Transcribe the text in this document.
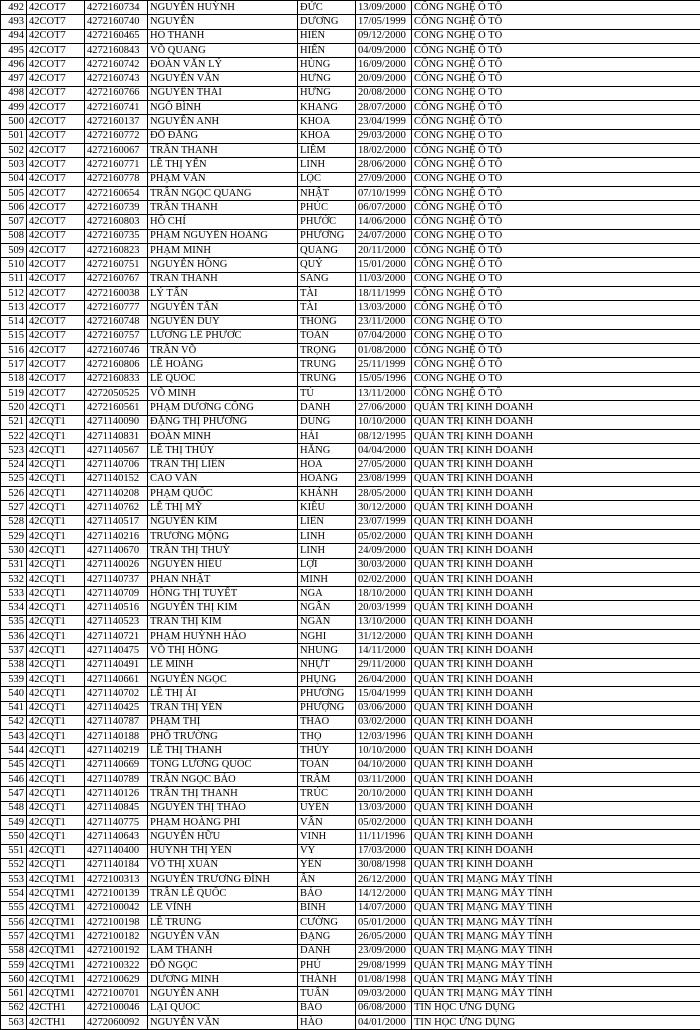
492	42COT7	4272160734	NGUYỄN HUỲNH	ĐỨC	13/09/2000	CÔNG NGHỆ Ô TÔ
493	42COT7	4272160740	NGUYỄN	DƯƠNG	17/05/1999	CÔNG NGHỆ Ô TÔ
494	42COT7	4272160465	HỒ THANH	HIỀN	09/12/2000	CÔNG NGHỆ Ô TÔ
495	42COT7	4272160843	VÕ QUANG	HIỂN	04/09/2000	CÔNG NGHỆ Ô TÔ
496	42COT7	4272160742	ĐOÀN VĂN LÝ	HÙNG	16/09/2000	CÔNG NGHỆ Ô TÔ
497	42COT7	4272160743	NGUYỄN VĂN	HƯNG	20/09/2000	CÔNG NGHỆ Ô TÔ
498	42COT7	4272160766	NGUYỄN THÁI	HƯNG	20/08/2000	CÔNG NGHỆ Ô TÔ
499	42COT7	4272160741	NGÔ BÌNH	KHANG	28/07/2000	CÔNG NGHỆ Ô TÔ
500	42COT7	4272160137	NGUYỄN ANH	KHOA	23/04/1999	CÔNG NGHỆ Ô TÔ
501	42COT7	4272160772	ĐỖ ĐĂNG	KHOA	29/03/2000	CÔNG NGHỆ Ô TÔ
502	42COT7	4272160067	TRẦN THANH	LIÊM	18/02/2000	CÔNG NGHỆ Ô TÔ
503	42COT7	4272160771	LÊ THỊ YẾN	LINH	28/06/2000	CÔNG NGHỆ Ô TÔ
504	42COT7	4272160778	PHẠM VĂN	LỘC	27/09/2000	CÔNG NGHỆ Ô TÔ
505	42COT7	4272160654	TRẦN NGỌC QUANG	NHẬT	07/10/1999	CÔNG NGHỆ Ô TÔ
506	42COT7	4272160739	TRẦN THANH	PHÚC	06/07/2000	CÔNG NGHỆ Ô TÔ
507	42COT7	4272160803	HỒ CHÍ	PHƯỚC	14/06/2000	CÔNG NGHỆ Ô TÔ
508	42COT7	4272160735	PHẠM NGUYỄN HOÀNG	PHƯƠNG	24/07/2000	CÔNG NGHỆ Ô TÔ
509	42COT7	4272160823	PHẠM MINH	QUANG	20/11/2000	CÔNG NGHỆ Ô TÔ
510	42COT7	4272160751	NGUYỄN HỒNG	QUÝ	15/01/2000	CÔNG NGHỆ Ô TÔ
511	42COT7	4272160767	TRẦN THANH	SANG	11/03/2000	CÔNG NGHỆ Ô TÔ
512	42COT7	4272160038	LÝ TẤN	TÀI	18/11/1999	CÔNG NGHỆ Ô TÔ
513	42COT7	4272160777	NGUYỄN TẤN	TÀI	13/03/2000	CÔNG NGHỆ Ô TÔ
514	42COT7	4272160748	NGUYỄN DUY	THÔNG	23/11/2000	CÔNG NGHỆ Ô TÔ
515	42COT7	4272160757	LƯƠNG LÊ PHƯỚC	TOÀN	07/04/2000	CÔNG NGHỆ Ô TÔ
516	42COT7	4272160746	TRẦN VÕ	TRỌNG	01/08/2000	CÔNG NGHỆ Ô TÔ
517	42COT7	4272160806	LÊ HOÀNG	TRUNG	25/11/1999	CÔNG NGHỆ Ô TÔ
518	42COT7	4272160833	LÊ QUỐC	TRUNG	15/05/1996	CÔNG NGHỆ Ô TÔ
519	42COT7	4272050525	VÕ MINH	TÚ	13/11/2000	CÔNG NGHỆ Ô TÔ
520	42CQT1	4272160561	PHẠM DƯƠNG CÔNG	DANH	27/06/2000	QUẢN TRỊ KINH DOANH
521	42CQT1	4271140090	ĐẶNG THỊ PHƯƠNG	DUNG	10/10/2000	QUẢN TRỊ KINH DOANH
522	42CQT1	4271140831	ĐOÀN MINH	HẢI	08/12/1995	QUẢN TRỊ KINH DOANH
523	42CQT1	4271140567	LÊ THỊ THÚY	HẰNG	04/04/2000	QUẢN TRỊ KINH DOANH
524	42CQT1	4271140706	TRẦN THỊ LIÊN	HOA	27/05/2000	QUẢN TRỊ KINH DOANH
525	42CQT1	4271140152	CAO VĂN	HOÀNG	23/08/1999	QUẢN TRỊ KINH DOANH
526	42CQT1	4271140208	PHẠM QUỐC	KHÁNH	28/05/2000	QUẢN TRỊ KINH DOANH
527	42CQT1	4271140762	LÊ THỊ MỸ	KIỀU	30/12/2000	QUẢN TRỊ KINH DOANH
528	42CQT1	4271140517	NGUYỄN KIM	LIÊN	23/07/1999	QUẢN TRỊ KINH DOANH
529	42CQT1	4271140216	TRƯƠNG MỘNG	LINH	05/02/2000	QUẢN TRỊ KINH DOANH
530	42CQT1	4271140670	TRẦN THỊ THUỲ	LINH	24/09/2000	QUẢN TRỊ KINH DOANH
531	42CQT1	4271140026	NGUYỄN HIẾU	LỢI	30/03/2000	QUẢN TRỊ KINH DOANH
532	42CQT1	4271140737	PHAN NHẬT	MINH	02/02/2000	QUẢN TRỊ KINH DOANH
533	42CQT1	4271140709	HỒNG THỊ TUYẾT	NGA	18/10/2000	QUẢN TRỊ KINH DOANH
534	42CQT1	4271140516	NGUYỄN THỊ KIM	NGÂN	20/03/1999	QUẢN TRỊ KINH DOANH
535	42CQT1	4271140523	TRẦN THỊ KIM	NGÂN	13/10/2000	QUẢN TRỊ KINH DOANH
536	42CQT1	4271140721	PHẠM HUỲNH HẢO	NGHI	31/12/2000	QUẢN TRỊ KINH DOANH
537	42CQT1	4271140475	VÕ THỊ HỒNG	NHUNG	14/11/2000	QUẢN TRỊ KINH DOANH
538	42CQT1	4271140491	LÊ MINH	NHỰT	29/11/2000	QUẢN TRỊ KINH DOANH
539	42CQT1	4271140661	NGUYỄN NGỌC	PHỤNG	26/04/2000	QUẢN TRỊ KINH DOANH
540	42CQT1	4271140702	LÊ THỊ ÁI	PHƯƠNG	15/04/1999	QUẢN TRỊ KINH DOANH
541	42CQT1	4271140425	TRẦN THỊ YẾN	PHƯỢNG	03/06/2000	QUẢN TRỊ KINH DOANH
542	42CQT1	4271140787	PHẠM THỊ	THẢO	03/02/2000	QUẢN TRỊ KINH DOANH
543	42CQT1	4271140188	PHỔ TRƯỜNG	THỌ	12/03/1996	QUẢN TRỊ KINH DOANH
544	42CQT1	4271140219	LÊ THỊ THANH	THỦY	10/10/2000	QUẢN TRỊ KINH DOANH
545	42CQT1	4271140669	TỐNG LƯƠNG QUỐC	TOẢN	04/10/2000	QUẢN TRỊ KINH DOANH
546	42CQT1	4271140789	TRẦN NGỌC BẢO	TRÂM	03/11/2000	QUẢN TRỊ KINH DOANH
547	42CQT1	4271140126	TRẦN THỊ THANH	TRÚC	20/10/2000	QUẢN TRỊ KINH DOANH
548	42CQT1	4271140845	NGUYỄN THỊ THẢO	UYÊN	13/03/2000	QUẢN TRỊ KINH DOANH
549	42CQT1	4271140775	PHẠM HOÀNG PHI	VÂN	05/02/2000	QUẢN TRỊ KINH DOANH
550	42CQT1	4271140643	NGUYỄN HỮU	VINH	11/11/1996	QUẢN TRỊ KINH DOANH
551	42CQT1	4271140400	HUỲNH THỊ YẾN	VY	17/03/2000	QUẢN TRỊ KINH DOANH
552	42CQT1	4271140184	VÕ THỊ XUÂN	YẾN	30/08/1998	QUẢN TRỊ KINH DOANH
553	42CQTM1	4272100313	NGUYỄN TRƯƠNG ĐÌNH	ÂN	26/12/2000	QUẢN TRỊ MẠNG MÁY TÍNH
554	42CQTM1	4272100139	TRẦN LÊ QUỐC	BẢO	14/12/2000	QUẢN TRỊ MẠNG MÁY TÍNH
555	42CQTM1	4272100042	LÊ VĨNH	BÌNH	14/07/2000	QUẢN TRỊ MẠNG MÁY TÍNH
556	42CQTM1	4272100198	LÊ TRUNG	CƯỜNG	05/01/2000	QUẢN TRỊ MẠNG MÁY TÍNH
557	42CQTM1	4272100182	NGUYỄN VĂN	ĐẠNG	26/05/2000	QUẢN TRỊ MẠNG MÁY TÍNH
558	42CQTM1	4272100192	LÂM THÀNH	DANH	23/09/2000	QUẢN TRỊ MẠNG MÁY TÍNH
559	42CQTM1	4272100322	ĐỖ NGỌC	PHÚ	29/08/1999	QUẢN TRỊ MẠNG MÁY TÍNH
560	42CQTM1	4272100629	DƯƠNG MINH	THÀNH	01/08/1998	QUẢN TRỊ MẠNG MÁY TÍNH
561	42CQTM1	4272100701	NGUYỄN ANH	TUẤN	09/03/2000	QUẢN TRỊ MẠNG MÁY TÍNH
562	42CTH1	4272100046	LẠI QUỐC	BẢO	06/08/2000	TIN HỌC ỨNG DỤNG
563	42CTH1	4272060092	NGUYỄN VĂN	HÀO	04/01/2000	TIN HỌC ỨNG DỤNG
